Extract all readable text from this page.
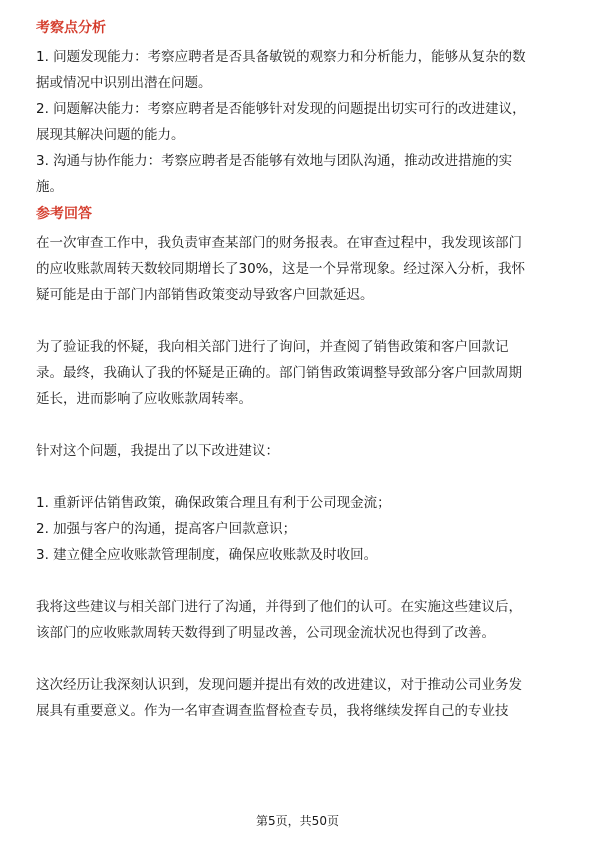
考察点分析

1. 问题发现能力：考察应聘者是否具备敏锐的观察力和分析能力，能够从复杂的数

据或情况中识别出潜在问题。

2. 问题解决能力：考察应聘者是否能够针对发现的问题提出切实可行的改进建议，

展现其解决问题的能力。

3. 沟通与协作能力：考察应聘者是否能够有效地与团队沟通，推动改进措施的实

施。

参考回答

在一次审查工作中，我负责审查某部门的财务报表。在审查过程中，我发现该部门

的应收账款周转天数较同期增长了30%，这是一个异常现象。经过深入分析，我怀

疑可能是由于部门内部销售政策变动导致客户回款延迟。

为了验证我的怀疑，我向相关部门进行了询问，并查阅了销售政策和客户回款记

录。最终，我确认了我的怀疑是正确的。部门销售政策调整导致部分客户回款周期

延长，进而影响了应收账款周转率。

针对这个问题，我提出了以下改进建议：

1. 重新评估销售政策，确保政策合理且有利于公司现金流；

2. 加强与客户的沟通，提高客户回款意识；

3. 建立健全应收账款管理制度，确保应收账款及时收回。

我将这些建议与相关部门进行了沟通，并得到了他们的认可。在实施这些建议后，

该部门的应收账款周转天数得到了明显改善，公司现金流状况也得到了改善。

这次经历让我深刻认识到，发现问题并提出有效的改进建议，对于推动公司业务发

展具有重要意义。作为一名审查调查监督检查专员，我将继续发挥自己的专业技

第5页，共50页
